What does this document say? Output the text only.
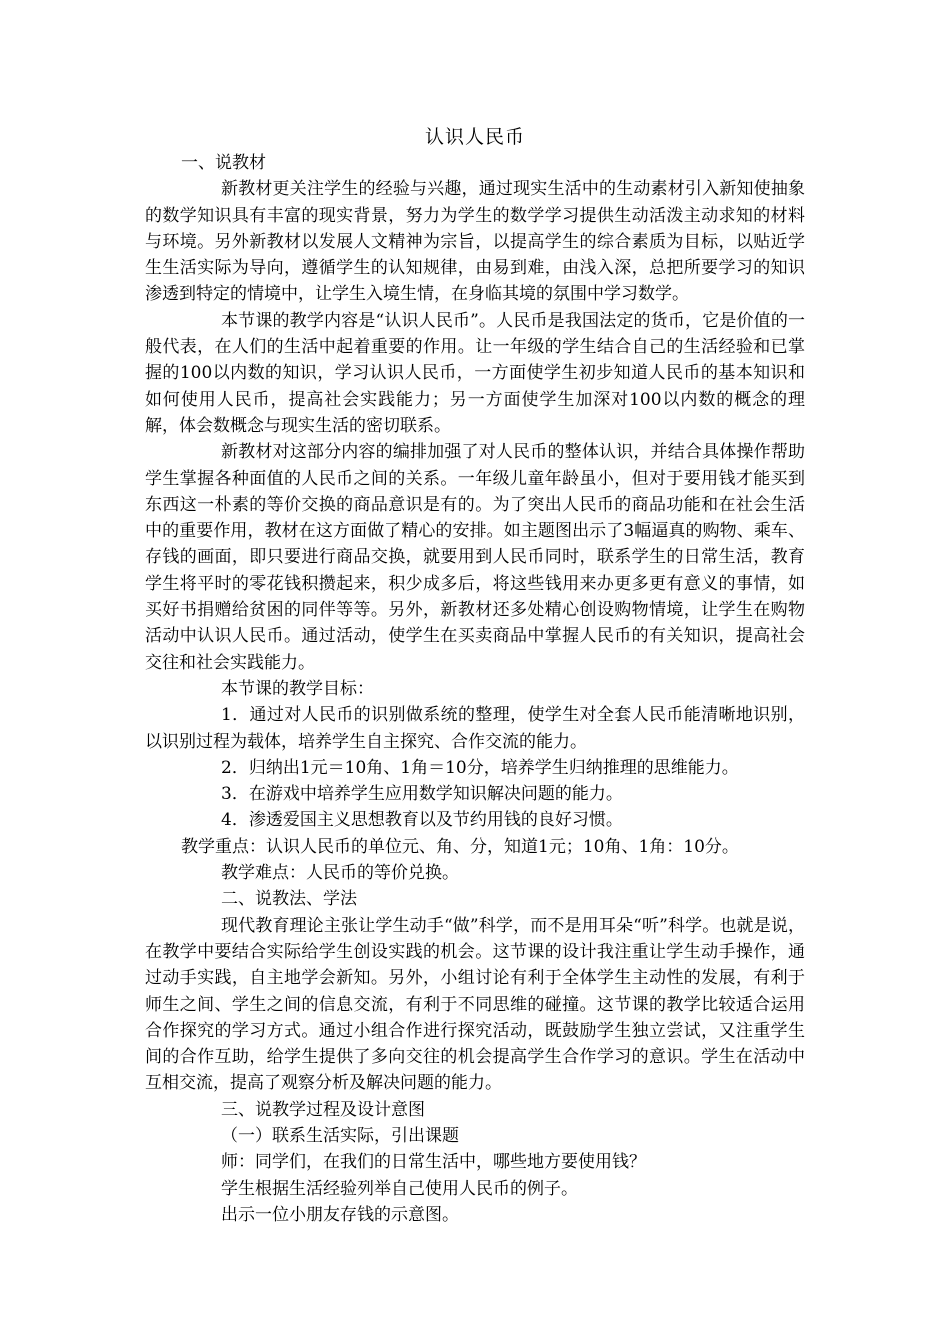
认识人民币

一、说教材

新教材更关注学生的经验与兴趣，通过现实生活中的生动素材引入新知使抽象的数学知识具有丰富的现实背景，努力为学生的数学学习提供生动活泼主动求知的材料与环境。另外新教材以发展人文精神为宗旨，以提高学生的综合素质为目标，以贴近学生生活实际为导向，遵循学生的认知规律，由易到难，由浅入深，总把所要学习的知识渗透到特定的情境中，让学生入境生情，在身临其境的氛围中学习数学。

本节课的教学内容是“认识人民币”。人民币是我国法定的货币，它是价值的一般代表，在人们的生活中起着重要的作用。让一年级的学生结合自己的生活经验和已掌握的100以内数的知识，学习认识人民币，一方面使学生初步知道人民币的基本知识和如何使用人民币，提高社会实践能力；另一方面使学生加深对100以内数的概念的理解，体会数概念与现实生活的密切联系。

新教材对这部分内容的编排加强了对人民币的整体认识，并结合具体操作帮助学生掌握各种面值的人民币之间的关系。一年级儿童年龄虽小，但对于要用钱才能买到东西这一朴素的等价交换的商品意识是有的。为了突出人民币的商品功能和在社会生活中的重要作用，教材在这方面做了精心的安排。如主题图出示了3幅逼真的购物、乘车、存钱的画面，即只要进行商品交换，就要用到人民币同时，联系学生的日常生活，教育学生将平时的零花钱积攒起来，积少成多后，将这些钱用来办更多更有意义的事情，如买好书捐赠给贫困的同伴等等。另外，新教材还多处精心创设购物情境，让学生在购物活动中认识人民币。通过活动，使学生在买卖商品中掌握人民币的有关知识，提高社会交往和社会实践能力。

本节课的教学目标：

1．通过对人民币的识别做系统的整理，使学生对全套人民币能清晰地识别，以识别过程为载体，培养学生自主探究、合作交流的能力。

2．归纳出1元＝10角、1角＝10分，培养学生归纳推理的思维能力。

3．在游戏中培养学生应用数学知识解决问题的能力。

4．渗透爱国主义思想教育以及节约用钱的良好习惯。

教学重点：认识人民币的单位元、角、分，知道1元；10角、1角：10分。

教学难点：人民币的等价兑换。

二、说教法、学法

现代教育理论主张让学生动手“做”科学，而不是用耳朵“听”科学。也就是说，在教学中要结合实际给学生创设实践的机会。这节课的设计我注重让学生动手操作，通过动手实践，自主地学会新知。另外，小组讨论有利于全体学生主动性的发展，有利于师生之间、学生之间的信息交流，有利于不同思维的碰撞。这节课的教学比较适合运用合作探究的学习方式。通过小组合作进行探究活动，既鼓励学生独立尝试，又注重学生间的合作互助，给学生提供了多向交往的机会提高学生合作学习的意识。学生在活动中互相交流，提高了观察分析及解决问题的能力。

三、说教学过程及设计意图

（一）联系生活实际，引出课题

师：同学们，在我们的日常生活中，哪些地方要使用钱？

学生根据生活经验列举自己使用人民币的例子。

出示一位小朋友存钱的示意图。
